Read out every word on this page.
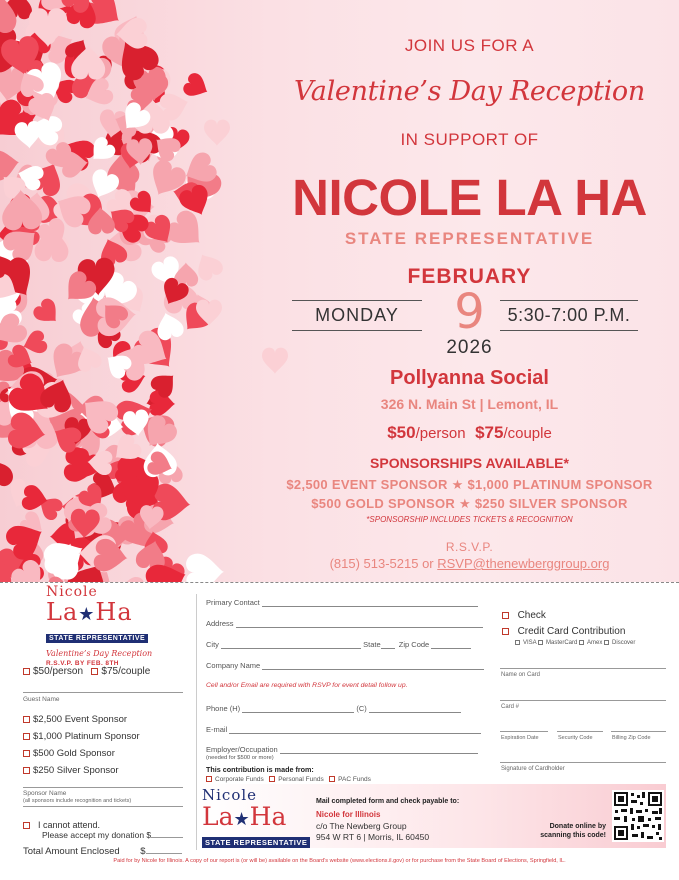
JOIN US FOR A
Valentine’s Day Reception
IN SUPPORT OF
NICOLE LA HA
STATE REPRESENTATIVE
FEBRUARY
MONDAY	9	5:30-7:00 P.M.
2026
Pollyanna Social
326 N. Main St | Lemont, IL
$50/person $75/couple
SPONSORSHIPS AVAILABLE*
$2,500 EVENT SPONSOR ★ $1,000 PLATINUM SPONSOR
$500 GOLD SPONSOR ★ $250 SILVER SPONSOR
*SPONSORSHIP INCLUDES TICKETS & RECOGNITION
R.S.V.P.
(815) 513-5215 or RSVP@thenewberggroup.org
Nicole
La★Ha
STATE REPRESENTATIVE
Valentine’s Day Reception
R.S.V.P. BY FEB. 8TH
$50/person $75/couple
Guest Name
$2,500 Event Sponsor
$1,000 Platinum Sponsor
$500 Gold Sponsor
$250 Silver Sponsor
Sponsor Name
(all sponsors include recognition and tickets)
I cannot attend.
Please accept my donation $
Total Amount Enclosed $
Primary Contact
Address
City	State Zip Code
Company Name
Cell and/or Email are required with RSVP for event detail follow up.
Phone (H)	(C)
E-mail
Employer/Occupation
(needed for $500 or more)
This contribution is made from:
Corporate Funds Personal Funds PAC Funds
Check
Credit Card Contribution
VISA MasterCard Amex Discover
Name on Card
Card #
Expiration Date	Security Code	Billing Zip Code
Signature of Cardholder
Nicole
La★Ha
STATE REPRESENTATIVE
Mail completed form and check payable to:
Nicole for Illinois
c/o The Newberg Group
954 W RT 6 | Morris, IL 60450
Donate online by scanning this code!
Paid for by Nicole for Illinois. A copy of our report is (or will be) available on the Board’s website (www.elections.il.gov) or for purchase from the State Board of Elections, Springfield, IL.
